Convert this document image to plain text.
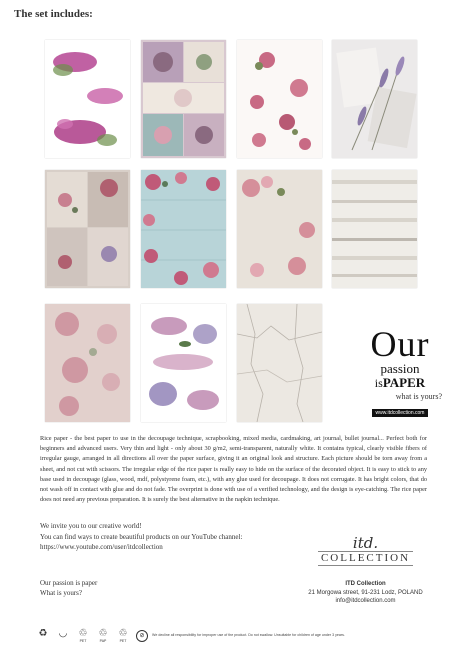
The set includes:
Our
passion
isPAPER
what is yours?
www.itdcollection.com
Rice paper - the best paper to use in the decoupage technique, scrapbooking, mixed media, cardmaking, art journal, bullet journal... Perfect both for beginners and advanced users. Very thin and light - only about 30 g/m2, semi-transparent, naturally white. It contains typical, clearly visible fibers of irregular gauge, arranged in all directions all over the paper surface, giving it an original look and structure. Each picture should be torn away from a sheet, and not cut with scissors. The irregular edge of the rice paper is really easy to hide on the surface of the decorated object. It is easy to stick to any base used in decoupage (glass, wood, mdf, polystyrene foam, etc.), with any glue used for decoupage. It does not corrugate. It has bright colors, that do not wash off in contact with glue and do not fade. The overprint is done with use of a verified technology, and the design is eye-catching. The rice paper does not need any previous preparation. It is surely the best alternative in the napkin technique.
We invite you to our creative world!
You can find ways to create beautiful products on our YouTube channel:
https://www.youtube.com/user/itdcollection
Our passion is paper
What is yours?
itd.
COLLECTION
ITD Collection
21 Morgowa street, 91-231 Lodz, POLAND
info@itdcollection.com
♻ ◡ ♲
PET
♲
PAP
♲
PET
⊘	We decline all responsibility for improper use of the product. Do not swallow. Unsuitable for children of age under 3 years.
